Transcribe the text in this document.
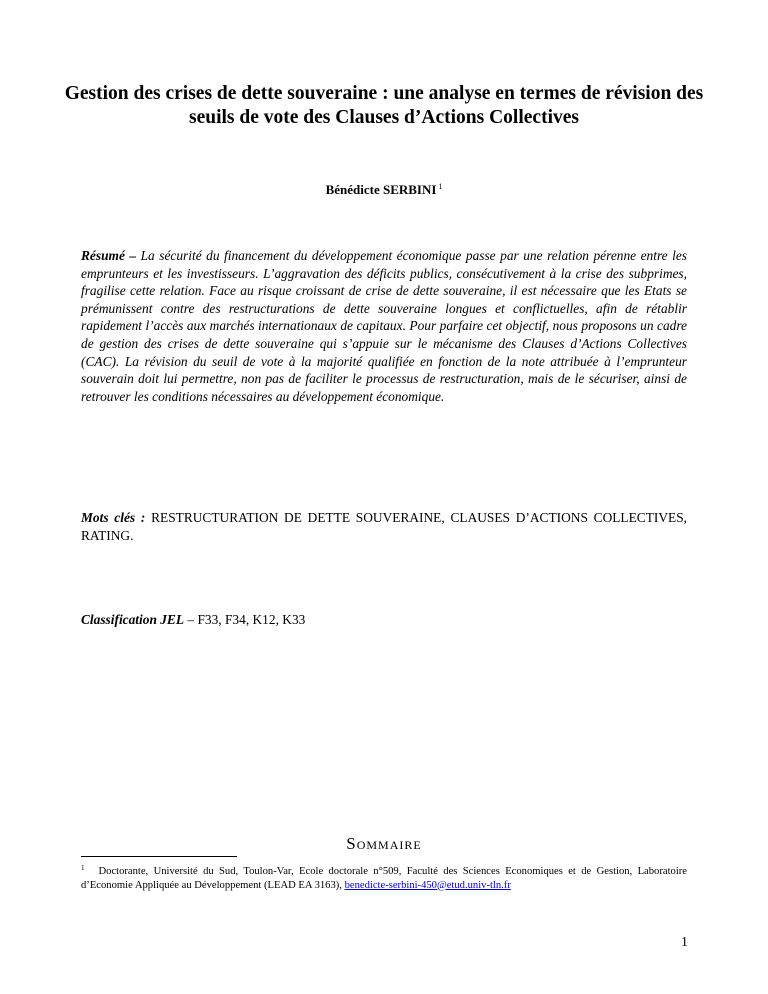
Gestion des crises de dette souveraine : une analyse en termes de révision des seuils de vote des Clauses d’Actions Collectives
Bénédicte SERBINI $^1$

Résumé – La sécurité du financement du développement économique passe par une relation pérenne entre les emprunteurs et les investisseurs. L’aggravation des déficits publics, consécutivement à la crise des subprimes, fragilise cette relation. Face au risque croissant de crise de dette souveraine, il est nécessaire que les Etats se prémunissent contre des restructurations de dette souveraine longues et conflictuelles, afin de rétablir rapidement l’accès aux marchés internationaux de capitaux. Pour parfaire cet objectif, nous proposons un cadre de gestion des crises de dette souveraine qui s’appuie sur le mécanisme des Clauses d’Actions Collectives (CAC). La révision du seuil de vote à la majorité qualifiée en fonction de la note attribuée à l’emprunteur souverain doit lui permettre, non pas de faciliter le processus de restructuration, mais de le sécuriser, ainsi de retrouver les conditions nécessaires au développement économique.

Mots clés : RESTRUCTURATION DE DETTE SOUVERAINE, CLAUSES D’ACTIONS COLLECTIVES, RATING.

Classification JEL – F33, F34, K12, K33

Sommaire

$^1$ Doctorante, Université du Sud, Toulon-Var, Ecole doctorale n°509, Faculté des Sciences Economiques et de Gestion, Laboratoire d’Economie Appliquée au Développement (LEAD EA 3163), benedicte-serbini-450@etud.univ-tln.fr

1
